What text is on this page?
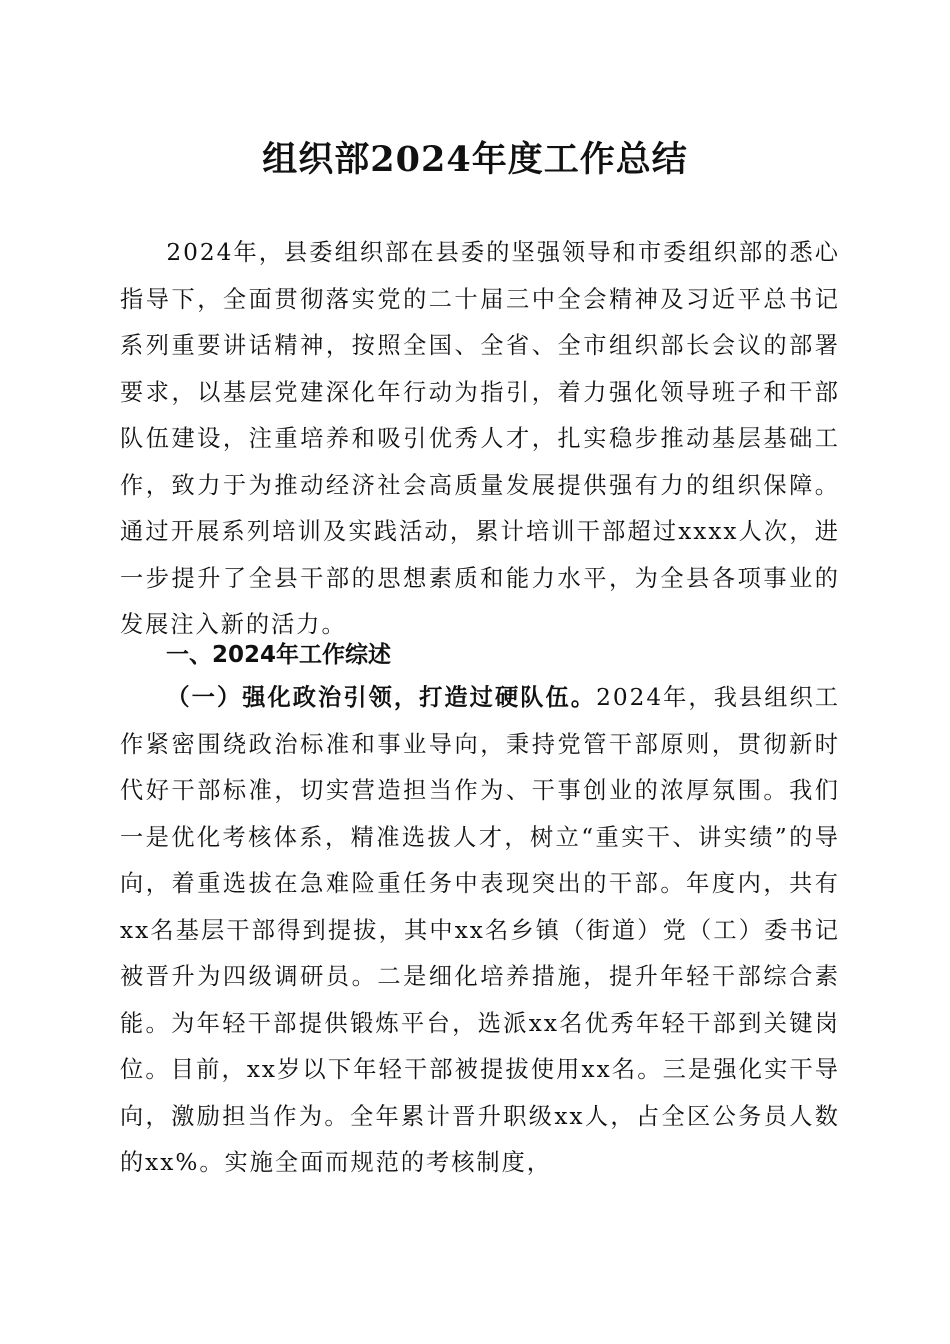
组织部2024年度工作总结

2024年，县委组织部在县委的坚强领导和市委组织部的悉心指导下，全面贯彻落实党的二十届三中全会精神及习近平总书记系列重要讲话精神，按照全国、全省、全市组织部长会议的部署要求，以基层党建深化年行动为指引，着力强化领导班子和干部队伍建设，注重培养和吸引优秀人才，扎实稳步推动基层基础工作，致力于为推动经济社会高质量发展提供强有力的组织保障。通过开展系列培训及实践活动，累计培训干部超过xxxx人次，进一步提升了全县干部的思想素质和能力水平，为全县各项事业的发展注入新的活力。

一、2024年工作综述

（一）强化政治引领，打造过硬队伍。2024年，我县组织工作紧密围绕政治标准和事业导向，秉持党管干部原则，贯彻新时代好干部标准，切实营造担当作为、干事创业的浓厚氛围。我们一是优化考核体系，精准选拔人才，树立“重实干、讲实绩”的导向，着重选拔在急难险重任务中表现突出的干部。年度内，共有xx名基层干部得到提拔，其中xx名乡镇（街道）党（工）委书记被晋升为四级调研员。二是细化培养措施，提升年轻干部综合素能。为年轻干部提供锻炼平台，选派xx名优秀年轻干部到关键岗位。目前，xx岁以下年轻干部被提拔使用xx名。三是强化实干导向，激励担当作为。全年累计晋升职级xx人，占全区公务员人数的xx%。实施全面而规范的考核制度，
